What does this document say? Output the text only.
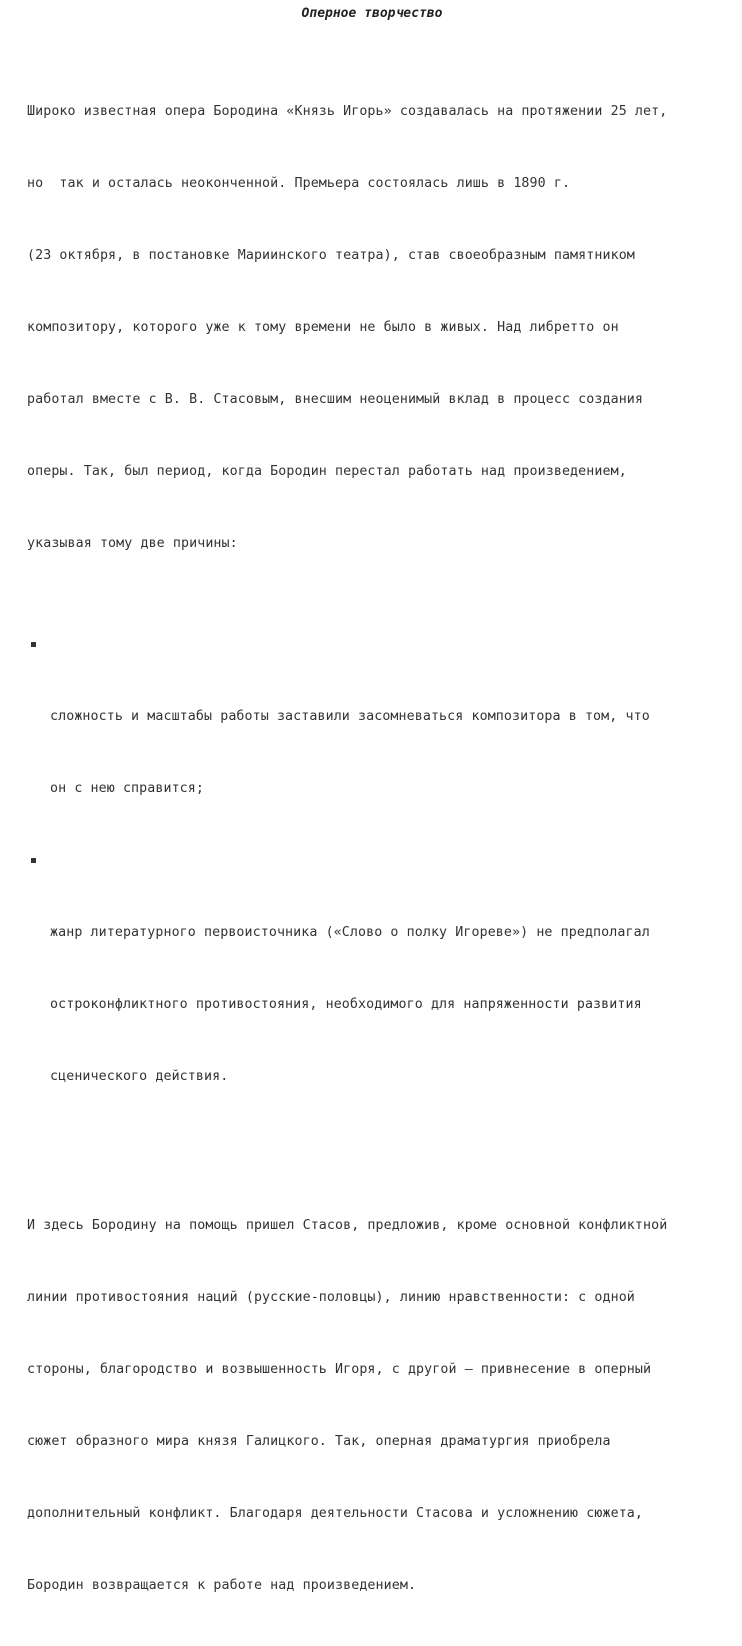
Оперное творчество

Широко известная опера Бородина «Князь Игорь» создавалась на протяжении 25 лет,

но  так и осталась неоконченной. Премьера состоялась лишь в 1890 г.

(23 октября, в постановке Мариинского театра), став своеобразным памятником

композитору, которого уже к тому времени не было в живых. Над либретто он

работал вместе с В. В. Стасовым, внесшим неоценимый вклад в процесс создания

оперы. Так, был период, когда Бородин перестал работать над произведением,

указывая тому две причины:

сложность и масштабы работы заставили засомневаться композитора в том, что

он с нею справится;

жанр литературного первоисточника («Слово о полку Игореве») не предполагал

остроконфликтного противостояния, необходимого для напряженности развития

сценического действия.

И здесь Бородину на помощь пришел Стасов, предложив, кроме основной конфликтной

линии противостояния наций (русские-половцы), линию нравственности: с одной

стороны, благородство и возвышенность Игоря, с другой – привнесение в оперный

сюжет образного мира князя Галицкого. Так, оперная драматургия приобрела

дополнительный конфликт. Благодаря деятельности Стасова и усложнению сюжета,

Бородин возвращается к работе над произведением.
